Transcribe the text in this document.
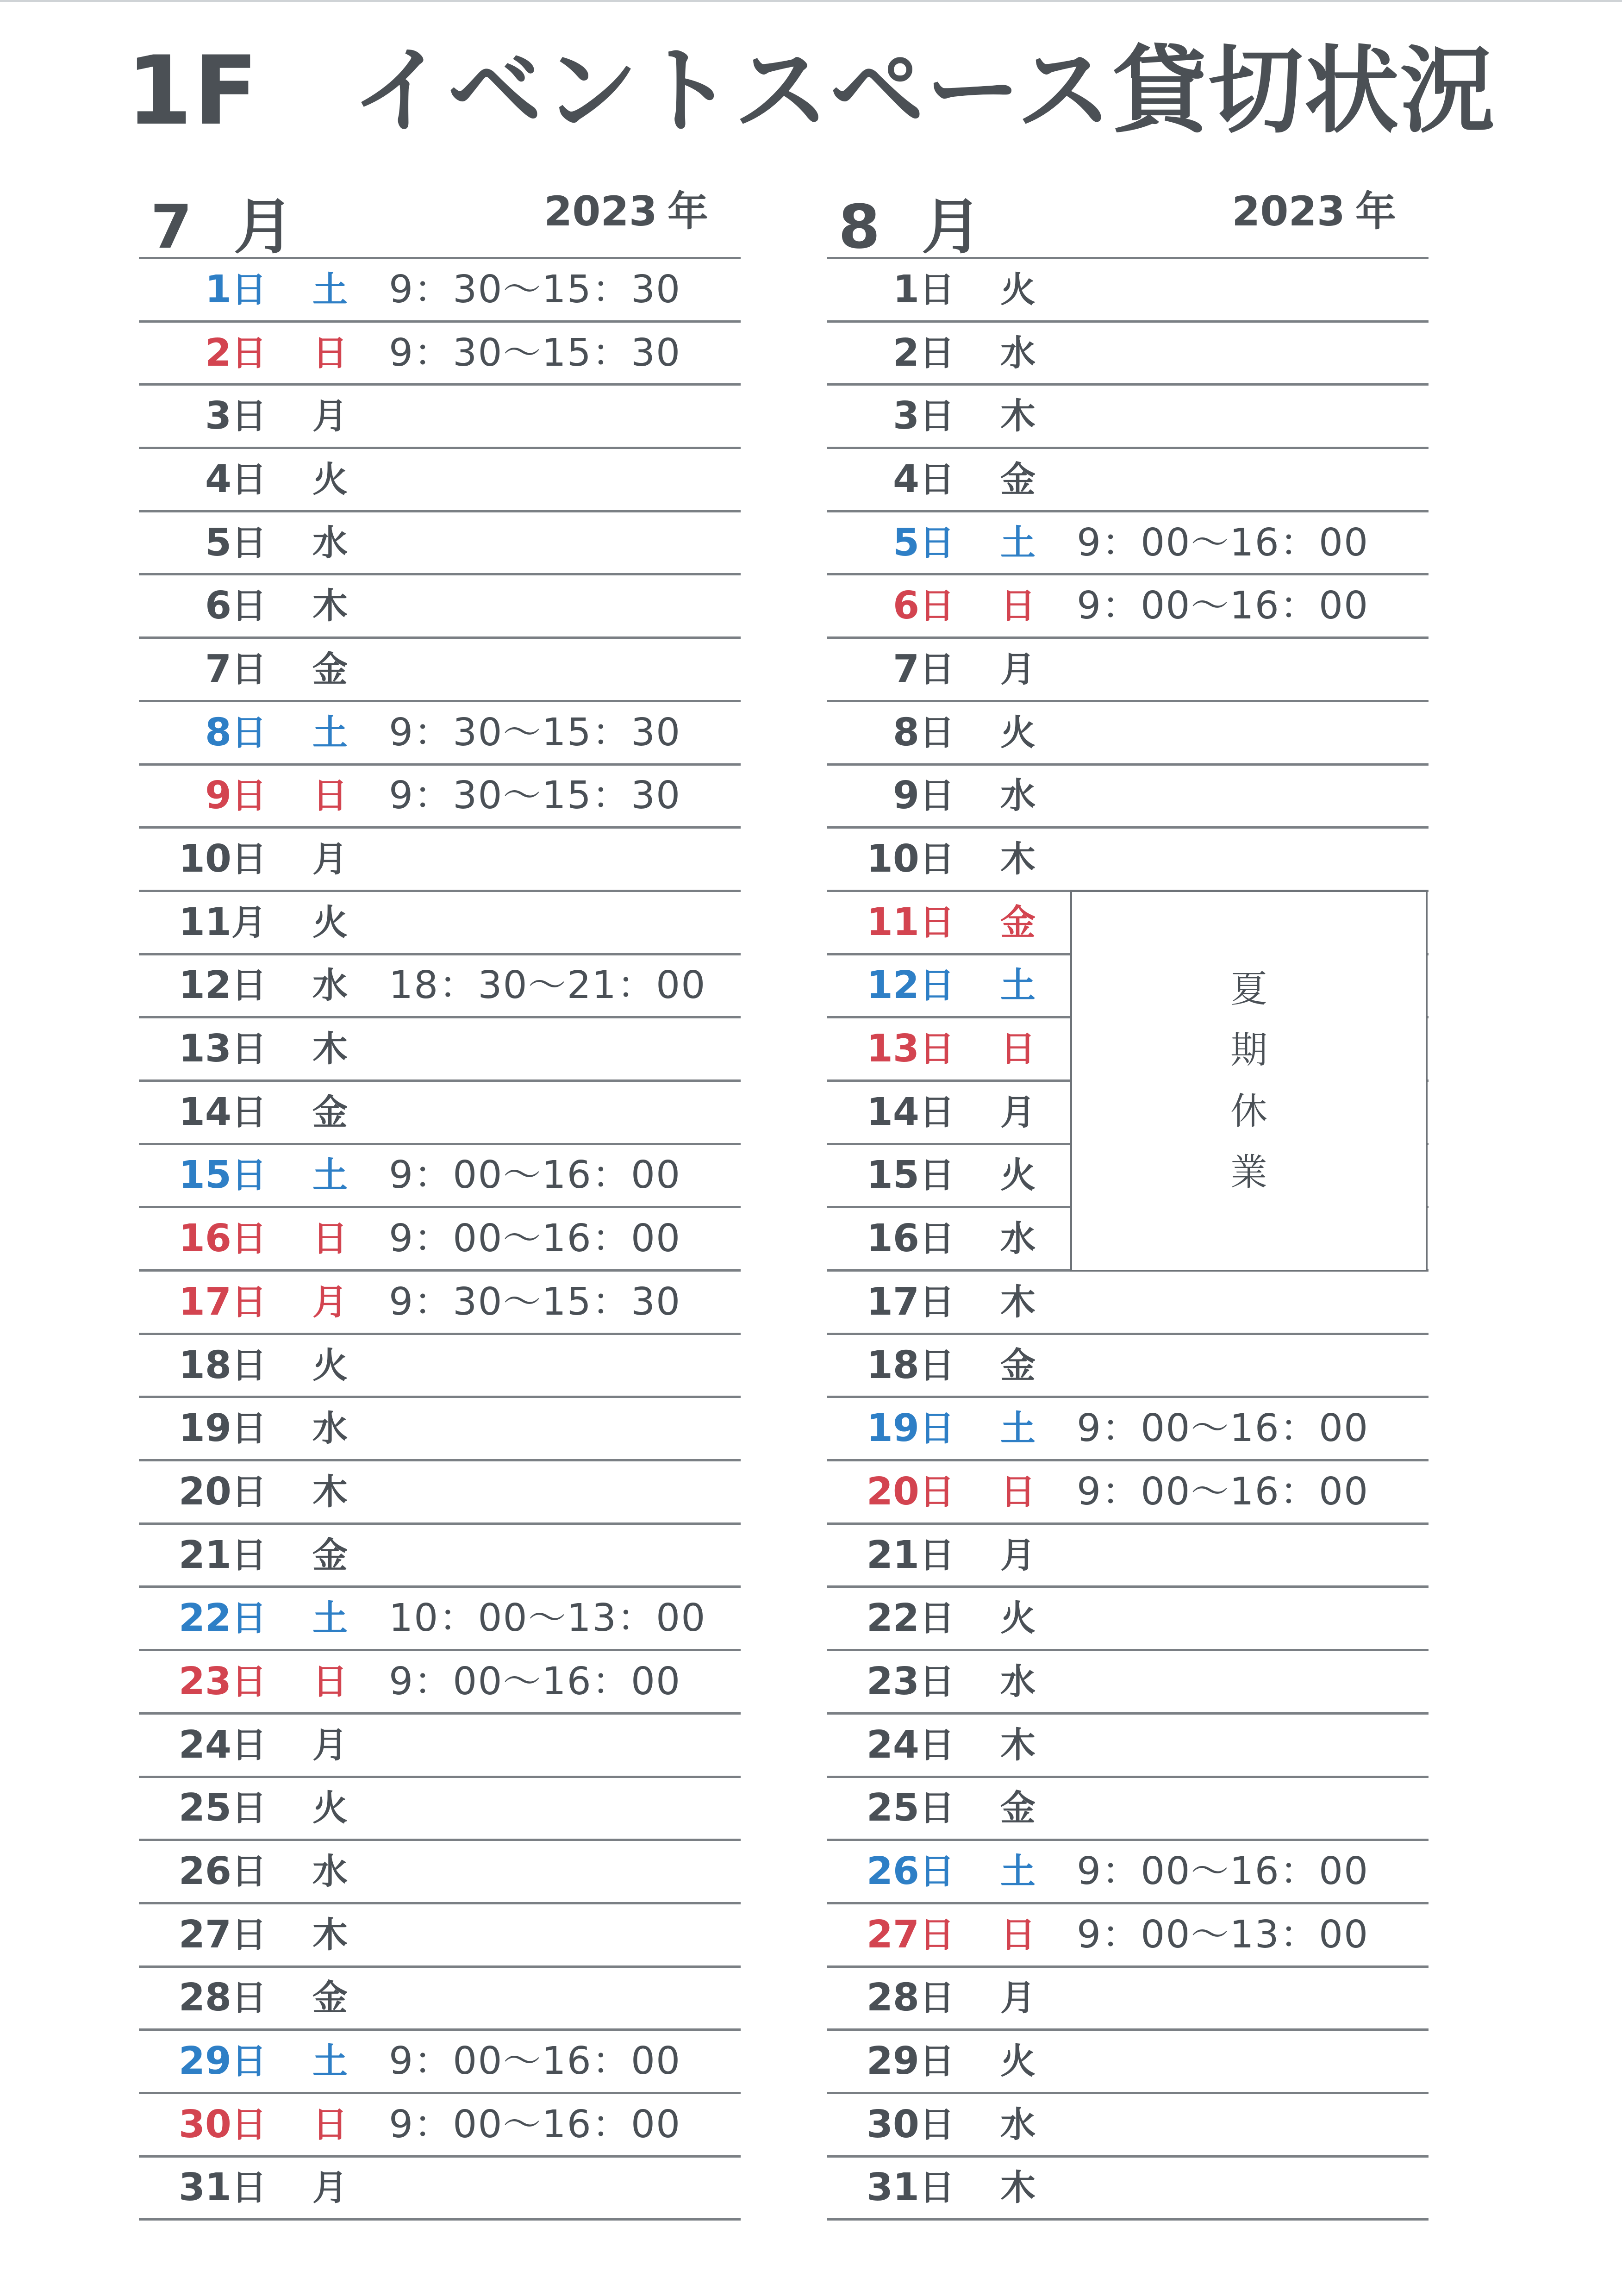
1F イベントスペース貸切状況
7 月	2023 年
1 日 土 9：30〜15：30
2 日 日 9：30〜15：30
3 日 月
4 日 火
5 日 水
6 日 木
7 日 金
8 日 土 9：30〜15：30
9 日 日 9：30〜15：30
10 日 月
11 月 火
12 日 水 18：30〜21：00
13 日 木
14 日 金
15 日 土 9：00〜16：00
16 日 日 9：00〜16：00
17 日 月 9：30〜15：30
18 日 火
19 日 水
20 日 木
21 日 金
22 日 土 10：00〜13：00
23 日 日 9：00〜16：00
24 日 月
25 日 火
26 日 水
27 日 木
28 日 金
29 日 土 9：00〜16：00
30 日 日 9：00〜16：00
31 日 月
8 月	2023 年
1 日 火
2 日 水
3 日 木
4 日 金
5 日 土 9：00〜16：00
6 日 日 9：00〜16：00
7 日 月
8 日 火
9 日 水
10 日 木
11 日 金
12 日 土
13 日 日
14 日 月
15 日 火
16 日 水
17 日 木
18 日 金
19 日 土 9：00〜16：00
20 日 日 9：00〜16：00
21 日 月
22 日 火
23 日 水
24 日 木
25 日 金
26 日 土 9：00〜16：00
27 日 日 9：00〜13：00
28 日 月
29 日 火
30 日 水
31 日 木
夏
期
休
業
